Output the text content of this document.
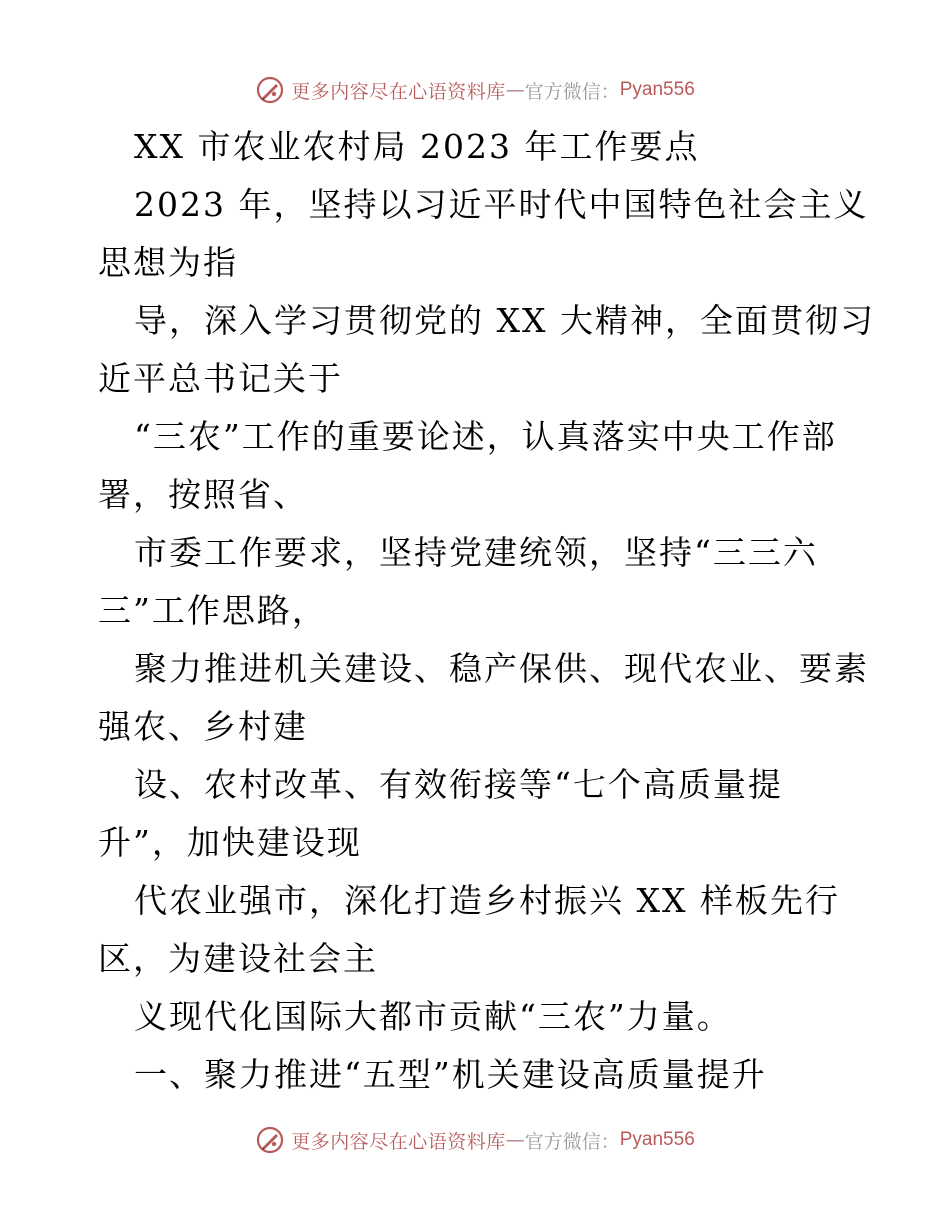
更多内容尽在心语资料库 — 官方微信： Pyan556
XX 市农业农村局 2023 年工作要点
2023 年，坚持以习近平时代中国特色社会主义
思想为指
导，深入学习贯彻党的 XX 大精神，全面贯彻习
近平总书记关于
“三农”工作的重要论述，认真落实中央工作部
署，按照省、
市委工作要求，坚持党建统领，坚持“三三六
三”工作思路，
聚力推进机关建设、稳产保供、现代农业、要素
强农、乡村建
设、农村改革、有效衔接等“七个高质量提
升”，加快建设现
代农业强市，深化打造乡村振兴 XX 样板先行
区，为建设社会主
义现代化国际大都市贡献“三农”力量。
一、聚力推进“五型”机关建设高质量提升
更多内容尽在心语资料库 — 官方微信： Pyan556
